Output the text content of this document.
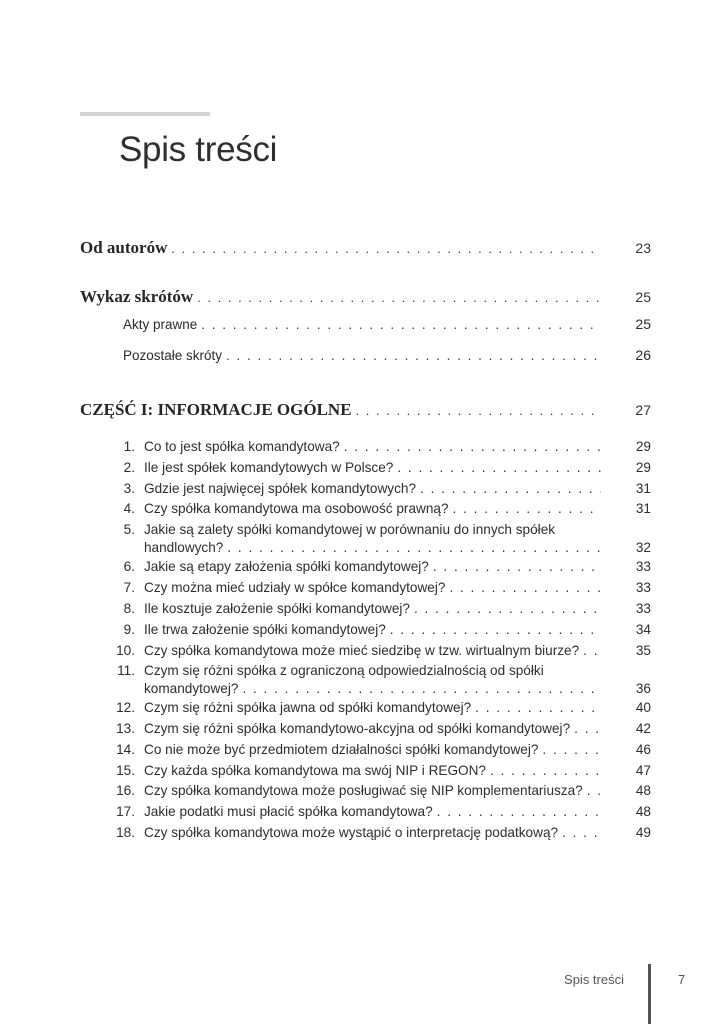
Spis treści
Od autorów . . .	23
Wykaz skrótów . . .	25
Akty prawne . . .	25
Pozostałe skróty . . .	26
CZĘŚĆ I: INFORMACJE OGÓLNE . . .	27
1. Co to jest spółka komandytowa? . . .	29
2. Ile jest spółek komandytowych w Polsce? . . .	29
3. Gdzie jest najwięcej spółek komandytowych? . . .	31
4. Czy spółka komandytowa ma osobowość prawną? . . .	31
5. Jakie są zalety spółki komandytowej w porównaniu do innych spółek
handlowych? . . .	32
6. Jakie są etapy założenia spółki komandytowej? . . .	33
7. Czy można mieć udziały w spółce komandytowej? . . .	33
8. Ile kosztuje założenie spółki komandytowej? . . .	33
9. Ile trwa założenie spółki komandytowej? . . .	34
10. Czy spółka komandytowa może mieć siedzibę w tzw. wirtualnym biurze? . . .	35
11. Czym się różni spółka z ograniczoną odpowiedzialnością od spółki
komandytowej? . . .	36
12. Czym się różni spółka jawna od spółki komandytowej? . . .	40
13. Czym się różni spółka komandytowo-akcyjna od spółki komandytowej? . . .	42
14. Co nie może być przedmiotem działalności spółki komandytowej? . . .	46
15. Czy każda spółka komandytowa ma swój NIP i REGON? . . .	47
16. Czy spółka komandytowa może posługiwać się NIP komplementariusza? . . .	48
17. Jakie podatki musi płacić spółka komandytowa? . . .	48
18. Czy spółka komandytowa może wystąpić o interpretację podatkową? . . .	49
Spis treści	7
